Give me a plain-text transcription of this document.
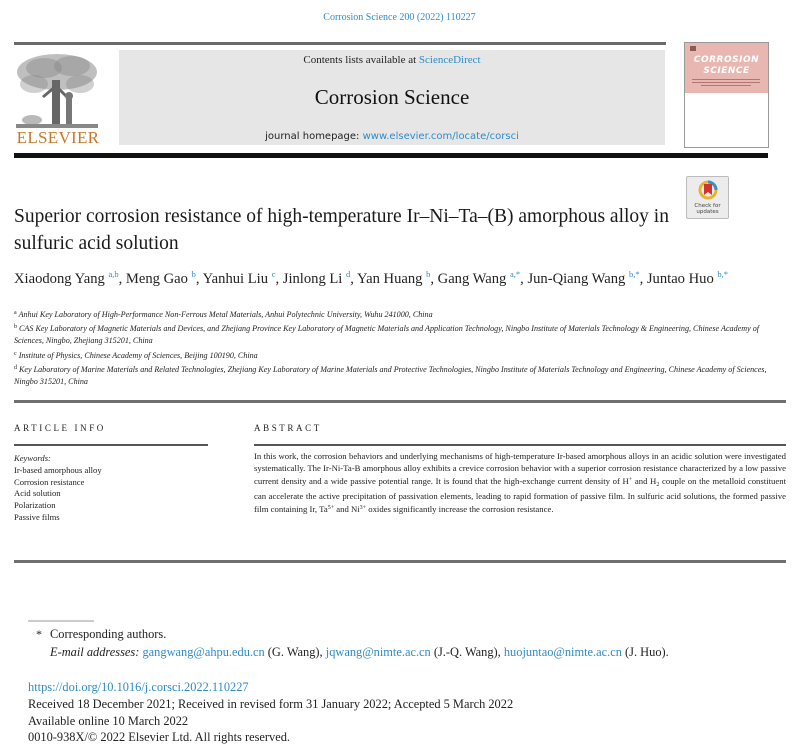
Corrosion Science 200 (2022) 110227
ELSEVIER
Contents lists available at ScienceDirect
Corrosion Science
journal homepage: www.elsevier.com/locate/corsci
CORROSION
SCIENCE
Superior corrosion resistance of high-temperature Ir–Ni–Ta–(B) amorphous alloy in sulfuric acid solution
Check for updates
Xiaodong Yang $^{a,b}$, Meng Gao $^b$, Yanhui Liu $^c$, Jinlong Li $^d$, Yan Huang $^b$, Gang Wang $^{a,*}$, Jun-Qiang Wang $^{b,*}$, Juntao Huo $^{b,*}$
$^a$ Anhui Key Laboratory of High-Performance Non-Ferrous Metal Materials, Anhui Polytechnic University, Wuhu 241000, China
$^b$ CAS Key Laboratory of Magnetic Materials and Devices, and Zhejiang Province Key Laboratory of Magnetic Materials and Application Technology, Ningbo Institute of Materials Technology & Engineering, Chinese Academy of Sciences, Ningbo, Zhejiang 315201, China
$^c$ Institute of Physics, Chinese Academy of Sciences, Beijing 100190, China
$^d$ Key Laboratory of Marine Materials and Related Technologies, Zhejiang Key Laboratory of Marine Materials and Protective Technologies, Ningbo Institute of Materials Technology and Engineering, Chinese Academy of Sciences, Ningbo 315201, China
ARTICLE INFO	ABSTRACT
Keywords:
Ir-based amorphous alloy
Corrosion resistance
Acid solution
Polarization
Passive films
In this work, the corrosion behaviors and underlying mechanisms of high-temperature Ir-based amorphous alloys in an acidic solution were investigated systematically. The Ir-Ni-Ta-B amorphous alloy exhibits a crevice corrosion behavior with a superior corrosion resistance characterized by a low passive current density and a wide passive potential range. It is found that the high-exchange current density of H+ and $H_2$ couple on the metalloid constituent can accelerate the active precipitation of passivation elements, leading to rapid formation of passive film. In sulfuric acid solutions, the formed passive film containing Ir, $Ta^{5+}$ and $Ni^{3+}$ oxides significantly increase the corrosion resistance.
* Corresponding authors.
E-mail addresses: gangwang@ahpu.edu.cn (G. Wang), jqwang@nimte.ac.cn (J.-Q. Wang), huojuntao@nimte.ac.cn (J. Huo).
https://doi.org/10.1016/j.corsci.2022.110227
Received 18 December 2021; Received in revised form 31 January 2022; Accepted 5 March 2022
Available online 10 March 2022
0010-938X/© 2022 Elsevier Ltd. All rights reserved.
